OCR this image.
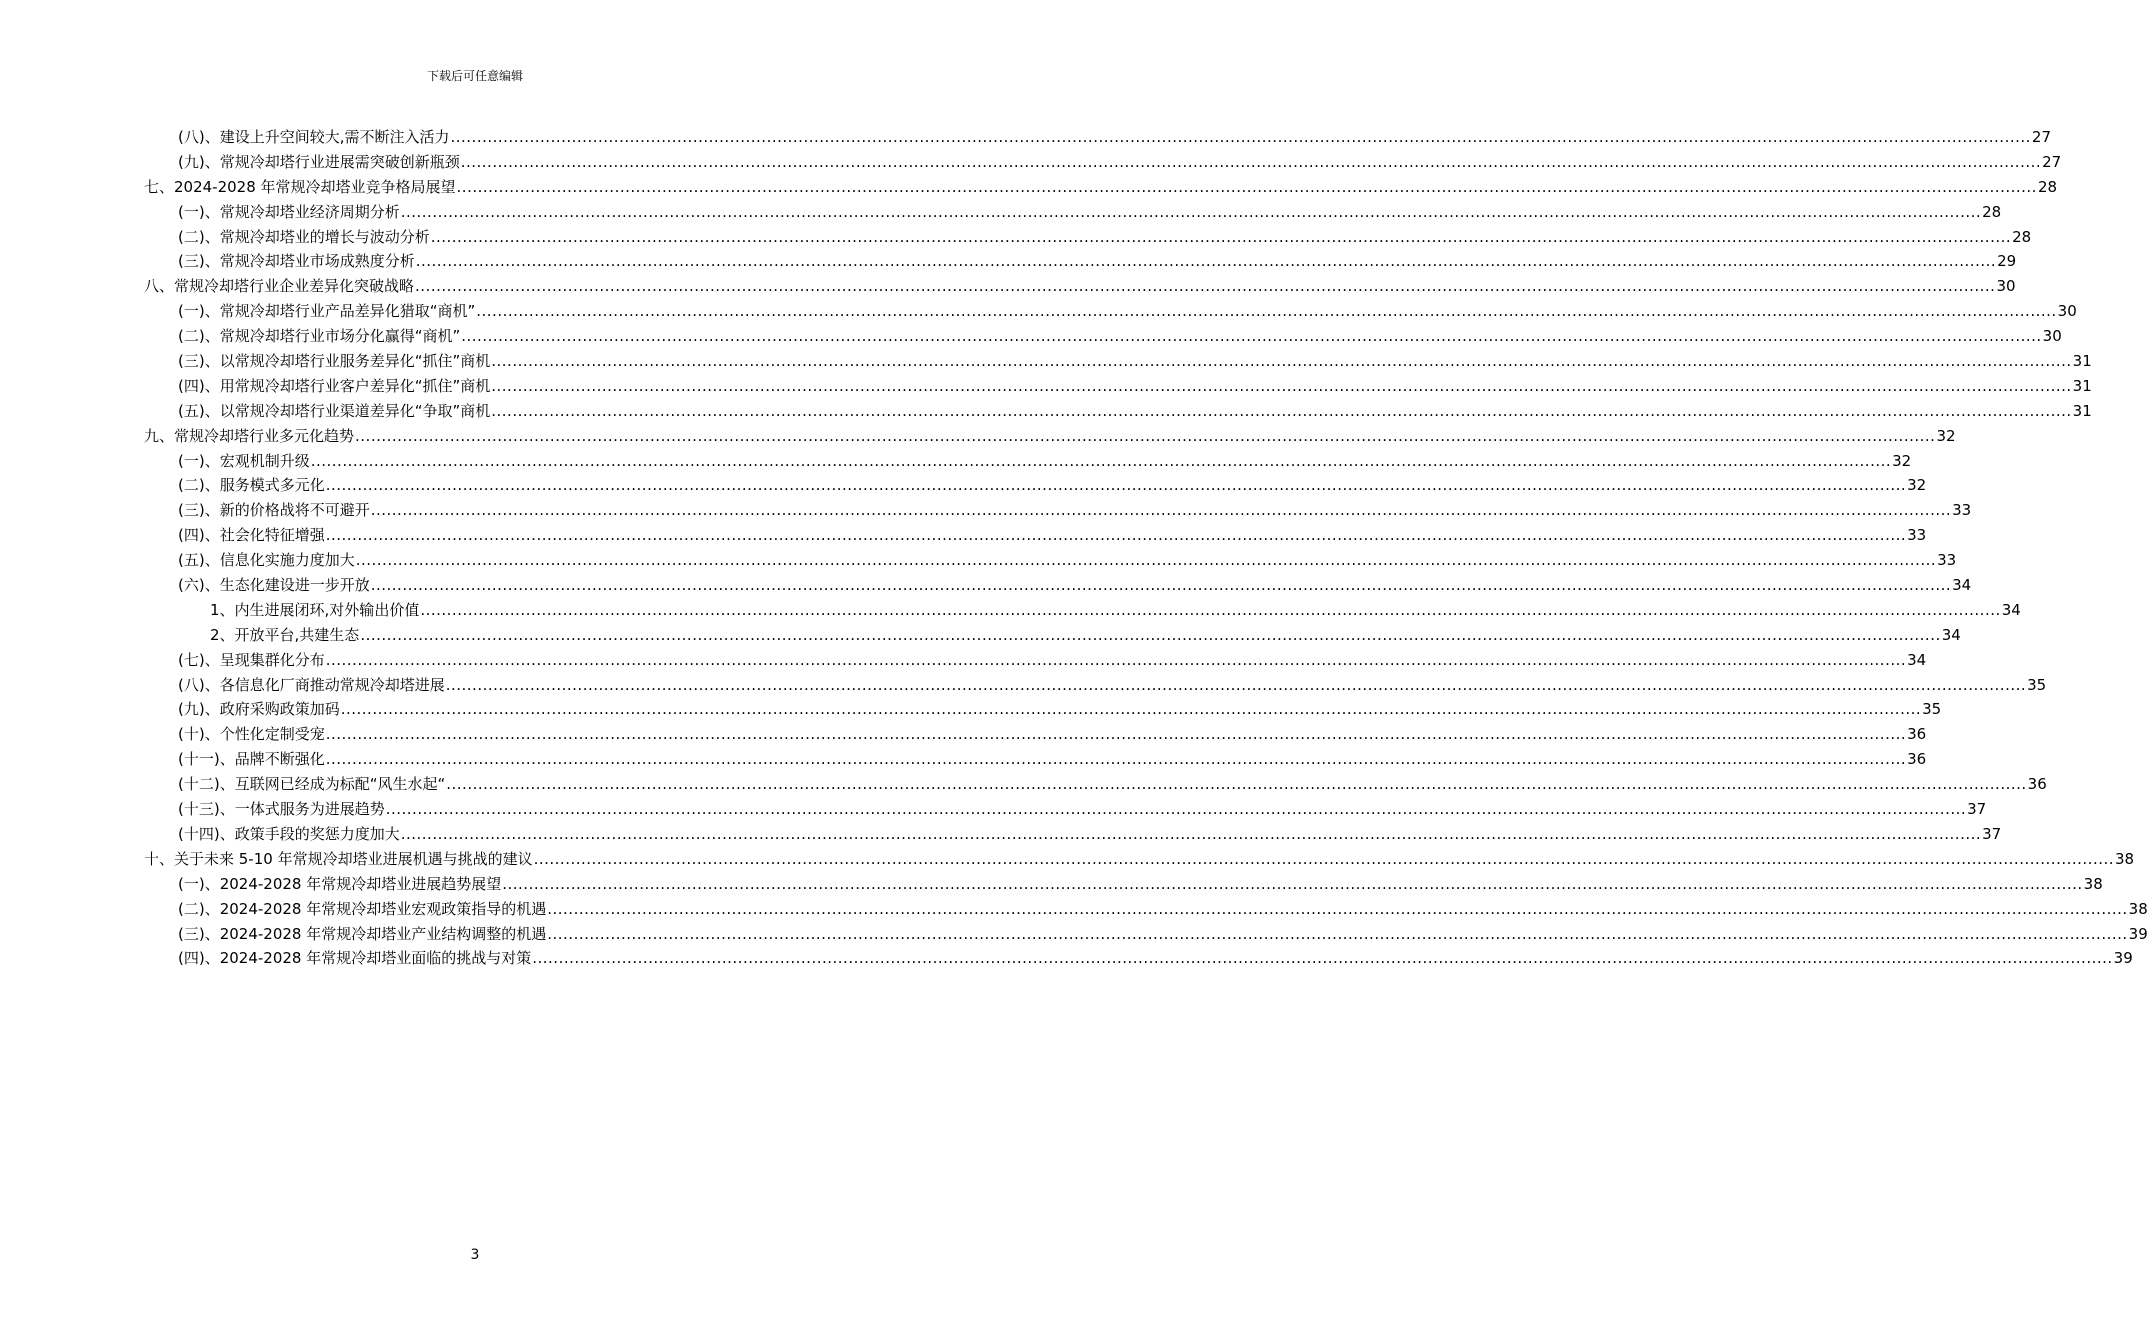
下载后可任意编辑
(八)、建设上升空间较大,需不断注入活力 ............................................................................................................................................................................................................................................................................................................ 27
(九)、常规冷却塔行业进展需突破创新瓶颈 ............................................................................................................................................................................................................................................................................................................ 27
七、2024-2028 年常规冷却塔业竞争格局展望 ............................................................................................................................................................................................................................................................................................................ 28
(一)、常规冷却塔业经济周期分析 ............................................................................................................................................................................................................................................................................................................ 28
(二)、常规冷却塔业的增长与波动分析 ............................................................................................................................................................................................................................................................................................................ 28
(三)、常规冷却塔业市场成熟度分析 ............................................................................................................................................................................................................................................................................................................ 29
八、常规冷却塔行业企业差异化突破战略 ............................................................................................................................................................................................................................................................................................................ 30
(一)、常规冷却塔行业产品差异化猎取“商机” ............................................................................................................................................................................................................................................................................................................ 30
(二)、常规冷却塔行业市场分化赢得“商机” ............................................................................................................................................................................................................................................................................................................ 30
(三)、以常规冷却塔行业服务差异化“抓住”商机 ............................................................................................................................................................................................................................................................................................................ 31
(四)、用常规冷却塔行业客户差异化“抓住”商机 ............................................................................................................................................................................................................................................................................................................ 31
(五)、以常规冷却塔行业渠道差异化“争取”商机 ............................................................................................................................................................................................................................................................................................................ 31
九、常规冷却塔行业多元化趋势 ............................................................................................................................................................................................................................................................................................................ 32
(一)、宏观机制升级 ............................................................................................................................................................................................................................................................................................................ 32
(二)、服务模式多元化 ............................................................................................................................................................................................................................................................................................................ 32
(三)、新的价格战将不可避开 ............................................................................................................................................................................................................................................................................................................ 33
(四)、社会化特征增强 ............................................................................................................................................................................................................................................................................................................ 33
(五)、信息化实施力度加大 ............................................................................................................................................................................................................................................................................................................ 33
(六)、生态化建设进一步开放 ............................................................................................................................................................................................................................................................................................................ 34
1、内生进展闭环,对外输出价值 ............................................................................................................................................................................................................................................................................................................ 34
2、开放平台,共建生态 ............................................................................................................................................................................................................................................................................................................ 34
(七)、呈现集群化分布 ............................................................................................................................................................................................................................................................................................................ 34
(八)、各信息化厂商推动常规冷却塔进展 ............................................................................................................................................................................................................................................................................................................ 35
(九)、政府采购政策加码 ............................................................................................................................................................................................................................................................................................................ 35
(十)、个性化定制受宠 ............................................................................................................................................................................................................................................................................................................ 36
(十一)、品牌不断强化 ............................................................................................................................................................................................................................................................................................................ 36
(十二)、互联网已经成为标配“风生水起“ ............................................................................................................................................................................................................................................................................................................ 36
(十三)、一体式服务为进展趋势 ............................................................................................................................................................................................................................................................................................................ 37
(十四)、政策手段的奖惩力度加大 ............................................................................................................................................................................................................................................................................................................ 37
十、关于未来 5-10 年常规冷却塔业进展机遇与挑战的建议 ............................................................................................................................................................................................................................................................................................................ 38
(一)、2024-2028 年常规冷却塔业进展趋势展望 ............................................................................................................................................................................................................................................................................................................ 38
(二)、2024-2028 年常规冷却塔业宏观政策指导的机遇 ............................................................................................................................................................................................................................................................................................................ 38
(三)、2024-2028 年常规冷却塔业产业结构调整的机遇 ............................................................................................................................................................................................................................................................................................................ 39
(四)、2024-2028 年常规冷却塔业面临的挑战与对策 ............................................................................................................................................................................................................................................................................................................ 39
3
